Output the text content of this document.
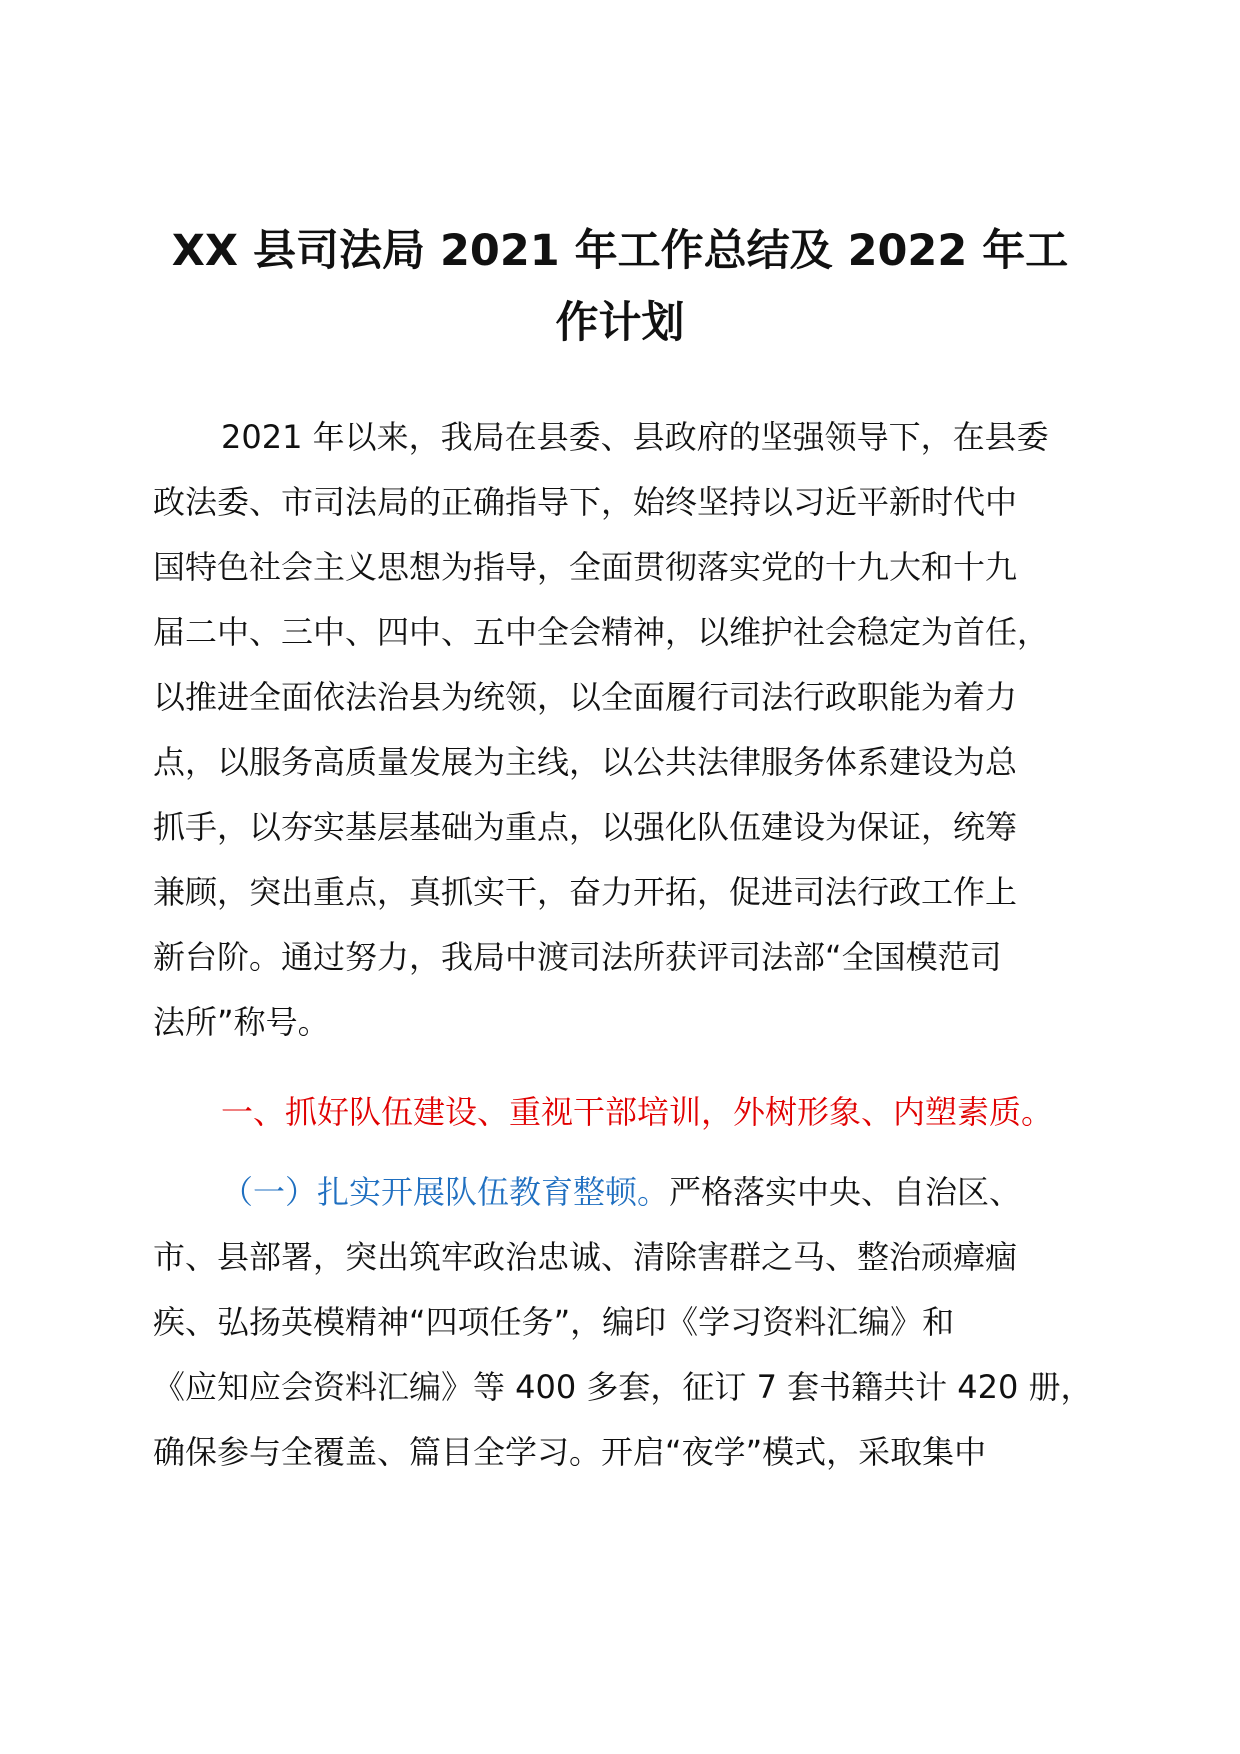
XX 县司法局 2021 年工作总结及 2022 年工
作计划
2021 年以来，我局在县委、县政府的坚强领导下，在县委
政法委、市司法局的正确指导下，始终坚持以习近平新时代中
国特色社会主义思想为指导，全面贯彻落实党的十九大和十九
届二中、三中、四中、五中全会精神，以维护社会稳定为首任，
以推进全面依法治县为统领，以全面履行司法行政职能为着力
点，以服务高质量发展为主线，以公共法律服务体系建设为总
抓手，以夯实基层基础为重点，以强化队伍建设为保证，统筹
兼顾，突出重点，真抓实干，奋力开拓，促进司法行政工作上
新台阶。通过努力，我局中渡司法所获评司法部“全国模范司
法所”称号。
一、抓好队伍建设、重视干部培训，外树形象、内塑素质。
（一）扎实开展队伍教育整顿。严格落实中央、自治区、
市、县部署，突出筑牢政治忠诚、清除害群之马、整治顽瘴痼
疾、弘扬英模精神“四项任务”，编印《学习资料汇编》和
《应知应会资料汇编》等 400 多套，征订 7 套书籍共计 420 册，
确保参与全覆盖、篇目全学习。开启“夜学”模式，采取集中
